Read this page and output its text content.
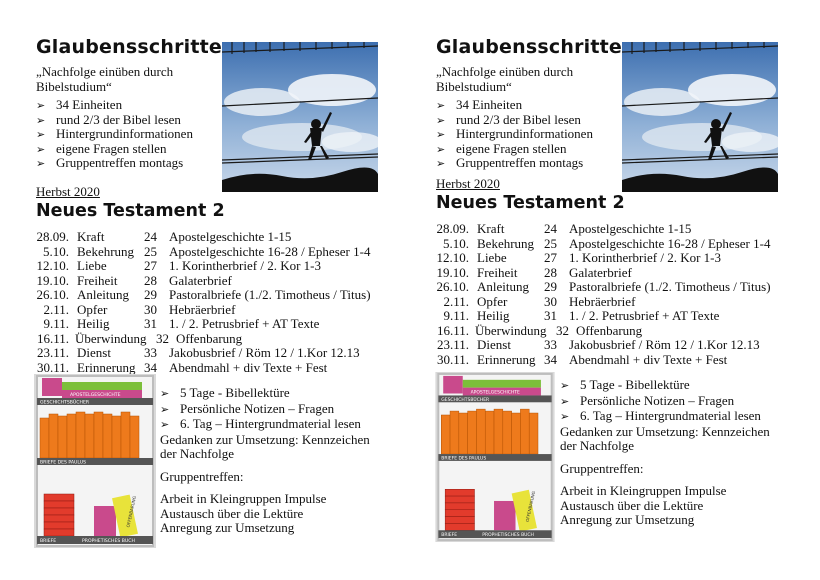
Glaubensschritte
„Nachfolge einüben durch Bibelstudium“
➢ 34 Einheiten
➢ rund 2/3 der Bibel lesen
➢ Hintergrundinformationen
➢ eigene Fragen stellen
➢ Gruppentreffen montags
Herbst 2020
Neues Testament 2
28.09. Kraft	24 Apostelgeschichte 1-15
5.10. Bekehrung 25 Apostelgeschichte 16-28 / Epheser 1-4
12.10. Liebe	27 1. Korintherbrief / 2. Kor 1-3
19.10. Freiheit 28 Galaterbrief
26.10. Anleitung 29 Pastoralbriefe (1./2. Timotheus / Titus)
2.11. Opfer	30 Hebräerbrief
9.11. Heilig	31 1. / 2. Petrusbrief + AT Texte
16.11. Überwindung 32 Offenbarung
23.11. Dienst	33 Jakobusbrief / Röm 12 / 1.Kor 12.13
30.11. Erinnerung 34 Abendmahl + div Texte + Fest
APOSTELGESCHICHTE
GESCHICHTSBÜCHER
BRIEFE DES PAULUS
OFFENBARUNG
BRIEFE	PROPHETISCHES BUCH

➢ 5 Tage - Bibellektüre

➢ Persönliche Notizen – Fragen

➢ 6. Tag – Hintergrundmaterial lesen

Gedanken zur Umsetzung: Kennzeichen der Nachfolge

Gruppentreffen:

Arbeit in Kleingruppen Impulse

Austausch über die Lektüre

Anregung zur Umsetzung

Glaubensschritte
„Nachfolge einüben durch Bibelstudium“
➢ 34 Einheiten
➢ rund 2/3 der Bibel lesen
➢ Hintergrundinformationen
➢ eigene Fragen stellen
➢ Gruppentreffen montags
Herbst 2020
Neues Testament 2
28.09. Kraft	24 Apostelgeschichte 1-15
5.10. Bekehrung 25 Apostelgeschichte 16-28 / Epheser 1-4
12.10. Liebe	27 1. Korintherbrief / 2. Kor 1-3
19.10. Freiheit 28 Galaterbrief
26.10. Anleitung 29 Pastoralbriefe (1./2. Timotheus / Titus)
2.11. Opfer	30 Hebräerbrief
9.11. Heilig	31 1. / 2. Petrusbrief + AT Texte
16.11. Überwindung 32 Offenbarung
23.11. Dienst	33 Jakobusbrief / Röm 12 / 1.Kor 12.13
30.11. Erinnerung 34 Abendmahl + div Texte + Fest
APOSTELGESCHICHTE
GESCHICHTSBÜCHER
BRIEFE DES PAULUS
OFFENBARUNG
BRIEFE	PROPHETISCHES BUCH

➢ 5 Tage - Bibellektüre

➢ Persönliche Notizen – Fragen

➢ 6. Tag – Hintergrundmaterial lesen

Gedanken zur Umsetzung: Kennzeichen der Nachfolge

Gruppentreffen:

Arbeit in Kleingruppen Impulse

Austausch über die Lektüre

Anregung zur Umsetzung
